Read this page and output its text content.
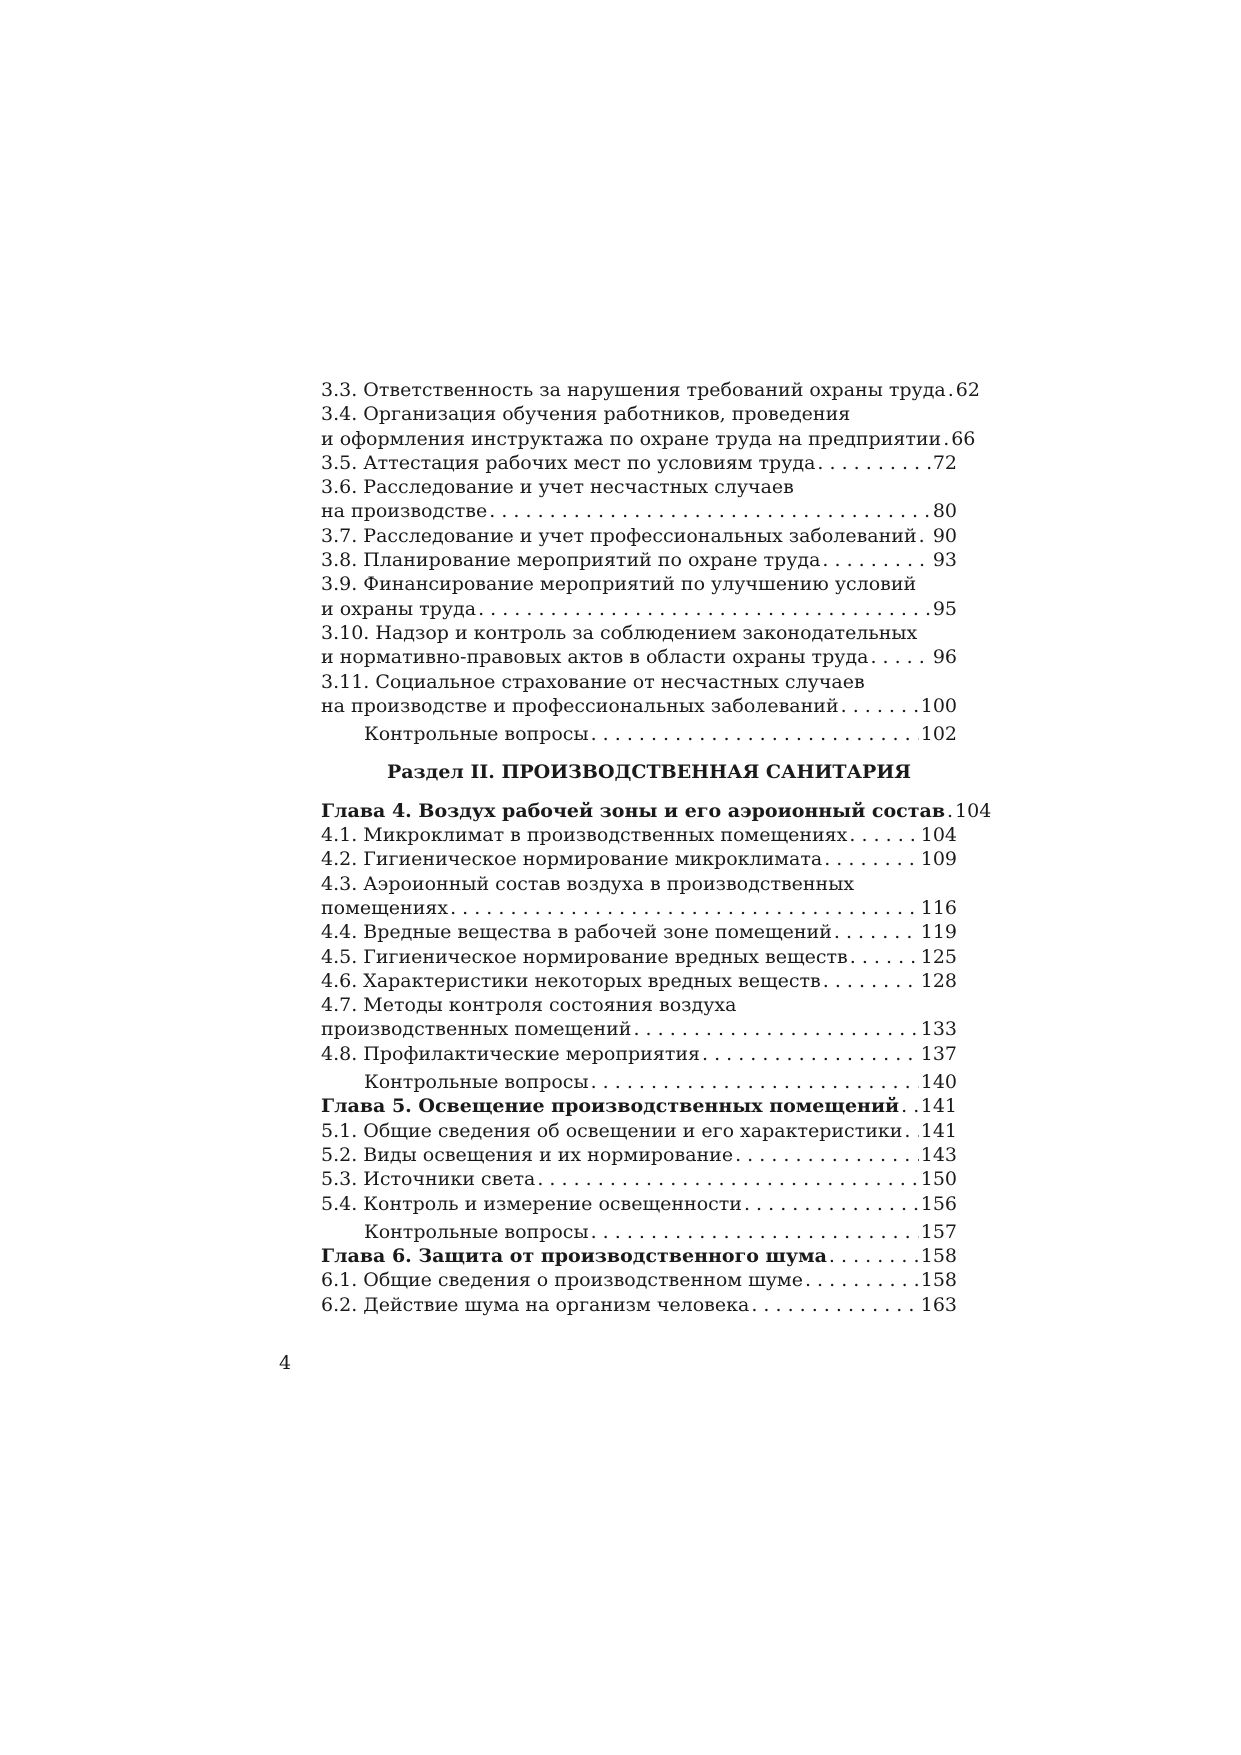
3.3. Ответственность за нарушения требований охраны труда . . . 62
3.4. Организация обучения работников, проведения
и оформления инструктажа по охране труда на предприятии . . . 66
3.5. Аттестация рабочих мест по условиям труда . . .	72
3.6. Расследование и учет несчастных случаев
на производстве . . .	80
3.7. Расследование и учет профессиональных заболеваний . . . 90
3.8. Планирование мероприятий по охране труда . . .	93
3.9. Финансирование мероприятий по улучшению условий
и охраны труда . . .	95
3.10. Надзор и контроль за соблюдением законодательных
и нормативно-правовых актов в области охраны труда . . .	96
3.11. Социальное страхование от несчастных случаев
на производстве и профессиональных заболеваний . . .	100
Контрольные вопросы . . .	102
Раздел II. ПРОИЗВОДСТВЕННАЯ САНИТАРИЯ
Глава 4. Воздух рабочей зоны и его аэроионный состав . . . 104
4.1. Микроклимат в производственных помещениях . . .	104
4.2. Гигиеническое нормирование микроклимата . . .	109
4.3. Аэроионный состав воздуха в производственных
помещениях . . .	116
4.4. Вредные вещества в рабочей зоне помещений . . .	119
4.5. Гигиеническое нормирование вредных веществ . . .	125
4.6. Характеристики некоторых вредных веществ . . .	128
4.7. Методы контроля состояния воздуха
производственных помещений . . .	133
4.8. Профилактические мероприятия . . .	137
Контрольные вопросы . . .	140
Глава 5. Освещение производственных помещений . . . 141
5.1. Общие сведения об освещении и его характеристики . . . 141
5.2. Виды освещения и их нормирование . . .	143
5.3. Источники света . . .	150
5.4. Контроль и измерение освещенности . . .	156
Контрольные вопросы . . .	157
Глава 6. Защита от производственного шума . . .	158
6.1. Общие сведения о производственном шуме . . .	158
6.2. Действие шума на организм человека . . .	163
4
